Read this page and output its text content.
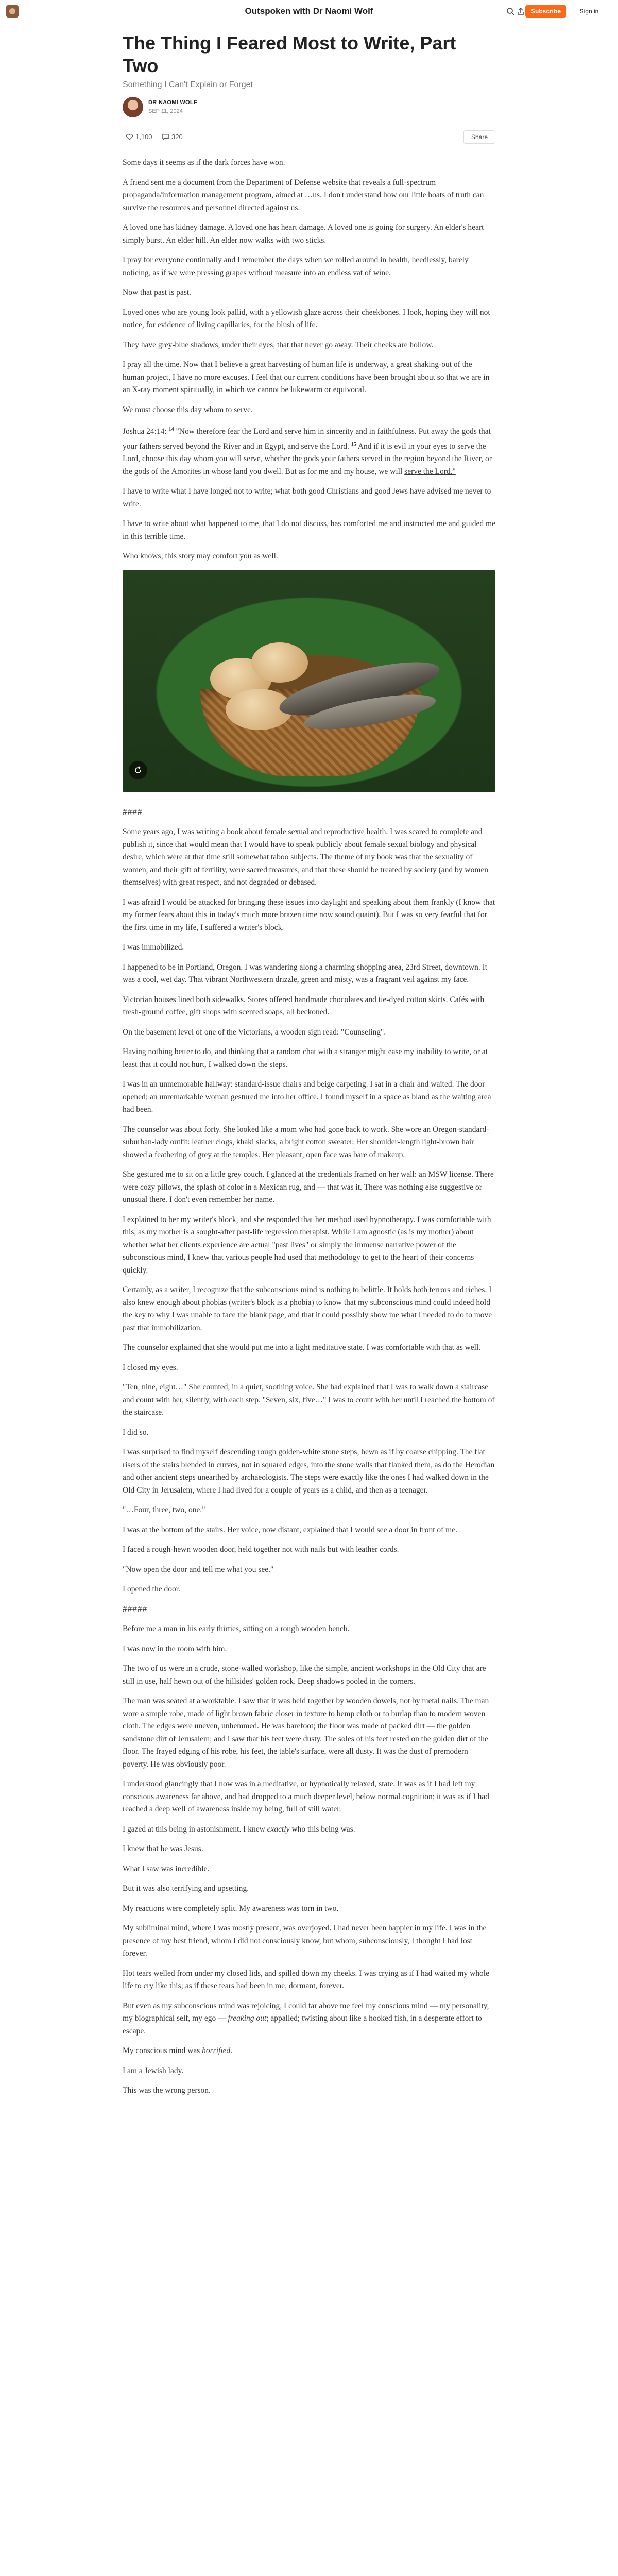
Outspoken with Dr Naomi Wolf	Subscribe	Sign in
The Thing I Feared Most to Write, Part Two
Something I Can't Explain or Forget
DR NAOMI WOLF
SEP 11, 2024
1,100	320	Share

Some days it seems as if the dark forces have won.

A friend sent me a document from the Department of Defense website that reveals a full-spectrum propaganda/information management program, aimed at …us. I don't understand how our little boats of truth can survive the resources and personnel directed against us.

A loved one has kidney damage. A loved one has heart damage. A loved one is going for surgery. An elder's heart simply burst. An elder hill. An elder now walks with two sticks.

I pray for everyone continually and I remember the days when we rolled around in health, heedlessly, barely noticing, as if we were pressing grapes without measure into an endless vat of wine.

Now that past is past.

Loved ones who are young look pallid, with a yellowish glaze across their cheekbones. I look, hoping they will not notice, for evidence of living capillaries, for the blush of life.

They have grey-blue shadows, under their eyes, that that never go away. Their cheeks are hollow.

I pray all the time. Now that I believe a great harvesting of human life is underway, a great shaking-out of the human project, I have no more excuses. I feel that our current conditions have been brought about so that we are in an X-ray moment spiritually, in which we cannot be lukewarm or equivocal.

We must choose this day whom to serve.

Joshua 24:14: $^{14}$ "Now therefore fear the Lord and serve him in sincerity and in faithfulness. Put away the gods that your fathers served beyond the River and in Egypt, and serve the Lord. $^{15}$ And if it is evil in your eyes to serve the Lord, choose this day whom you will serve, whether the gods your fathers served in the region beyond the River, or the gods of the Amorites in whose land you dwell. But as for me and my house, we will serve the Lord."

I have to write what I have longed not to write; what both good Christians and good Jews have advised me never to write.

I have to write about what happened to me, that I do not discuss, has comforted me and instructed me and guided me in this terrible time.

Who knows; this story may comfort you as well.

####

Some years ago, I was writing a book about female sexual and reproductive health. I was scared to complete and publish it, since that would mean that I would have to speak publicly about female sexual biology and physical desire, which were at that time still somewhat taboo subjects. The theme of my book was that the sexuality of women, and their gift of fertility, were sacred treasures, and that these should be treated by society (and by women themselves) with great respect, and not degraded or debased.

I was afraid I would be attacked for bringing these issues into daylight and speaking about them frankly (I know that my former fears about this in today's much more brazen time now sound quaint). But I was so very fearful that for the first time in my life, I suffered a writer's block.

I was immobilized.

I happened to be in Portland, Oregon. I was wandering along a charming shopping area, 23rd Street, downtown. It was a cool, wet day. That vibrant Northwestern drizzle, green and misty, was a fragrant veil against my face.

Victorian houses lined both sidewalks. Stores offered handmade chocolates and tie-dyed cotton skirts. Cafés with fresh-ground coffee, gift shops with scented soaps, all beckoned.

On the basement level of one of the Victorians, a wooden sign read: "Counseling".

Having nothing better to do, and thinking that a random chat with a stranger might ease my inability to write, or at least that it could not hurt, I walked down the steps.

I was in an unmemorable hallway: standard-issue chairs and beige carpeting. I sat in a chair and waited. The door opened; an unremarkable woman gestured me into her office. I found myself in a space as bland as the waiting area had been.

The counselor was about forty. She looked like a mom who had gone back to work. She wore an Oregon-standard-suburban-lady outfit: leather clogs, khaki slacks, a bright cotton sweater. Her shoulder-length light-brown hair showed a feathering of grey at the temples. Her pleasant, open face was bare of makeup.

She gestured me to sit on a little grey couch. I glanced at the credentials framed on her wall: an MSW license. There were cozy pillows, the splash of color in a Mexican rug, and — that was it. There was nothing else suggestive or unusual there. I don't even remember her name.

I explained to her my writer's block, and she responded that her method used hypnotherapy. I was comfortable with this, as my mother is a sought-after past-life regression therapist. While I am agnostic (as is my mother) about whether what her clients experience are actual "past lives" or simply the immense narrative power of the subconscious mind, I knew that various people had used that methodology to get to the heart of their concerns quickly.

Certainly, as a writer, I recognize that the subconscious mind is nothing to belittle. It holds both terrors and riches. I also knew enough about phobias (writer's block is a phobia) to know that my subconscious mind could indeed hold the key to why I was unable to face the blank page, and that it could possibly show me what I needed to do to move past that immobilization.

The counselor explained that she would put me into a light meditative state. I was comfortable with that as well.

I closed my eyes.

"Ten, nine, eight…" She counted, in a quiet, soothing voice. She had explained that I was to walk down a staircase and count with her, silently, with each step. "Seven, six, five…" I was to count with her until I reached the bottom of the staircase.

I did so.

I was surprised to find myself descending rough golden-white stone steps, hewn as if by coarse chipping. The flat risers of the stairs blended in curves, not in squared edges, into the stone walls that flanked them, as do the Herodian and other ancient steps unearthed by archaeologists. The steps were exactly like the ones I had walked down in the Old City in Jerusalem, where I had lived for a couple of years as a child, and then as a teenager.

"…Four, three, two, one."

I was at the bottom of the stairs. Her voice, now distant, explained that I would see a door in front of me.

I faced a rough-hewn wooden door, held together not with nails but with leather cords.

"Now open the door and tell me what you see."

I opened the door.

#####

Before me a man in his early thirties, sitting on a rough wooden bench.

I was now in the room with him.

The two of us were in a crude, stone-walled workshop, like the simple, ancient workshops in the Old City that are still in use, half hewn out of the hillsides' golden rock. Deep shadows pooled in the corners.

The man was seated at a worktable. I saw that it was held together by wooden dowels, not by metal nails. The man wore a simple robe, made of light brown fabric closer in texture to hemp cloth or to burlap than to modern woven cloth. The edges were uneven, unhemmed. He was barefoot; the floor was made of packed dirt — the golden sandstone dirt of Jerusalem; and I saw that his feet were dusty. The soles of his feet rested on the golden dirt of the floor. The frayed edging of his robe, his feet, the table's surface, were all dusty. It was the dust of premodern poverty. He was obviously poor.

I understood glancingly that I now was in a meditative, or hypnotically relaxed, state. It was as if I had left my conscious awareness far above, and had dropped to a much deeper level, below normal cognition; it was as if I had reached a deep well of awareness inside my being, full of still water.

I gazed at this being in astonishment. I knew exactly who this being was.

I knew that he was Jesus.

What I saw was incredible.

But it was also terrifying and upsetting.

My reactions were completely split. My awareness was torn in two.

My subliminal mind, where I was mostly present, was overjoyed. I had never been happier in my life. I was in the presence of my best friend, whom I did not consciously know, but whom, subconsciously, I thought I had lost forever.

Hot tears welled from under my closed lids, and spilled down my cheeks. I was crying as if I had waited my whole life to cry like this; as if these tears had been in me, dormant, forever.

But even as my subconscious mind was rejoicing, I could far above me feel my conscious mind — my personality, my biographical self, my ego — freaking out; appalled; twisting about like a hooked fish, in a desperate effort to escape.

My conscious mind was horrified.

I am a Jewish lady.

This was the wrong person.
